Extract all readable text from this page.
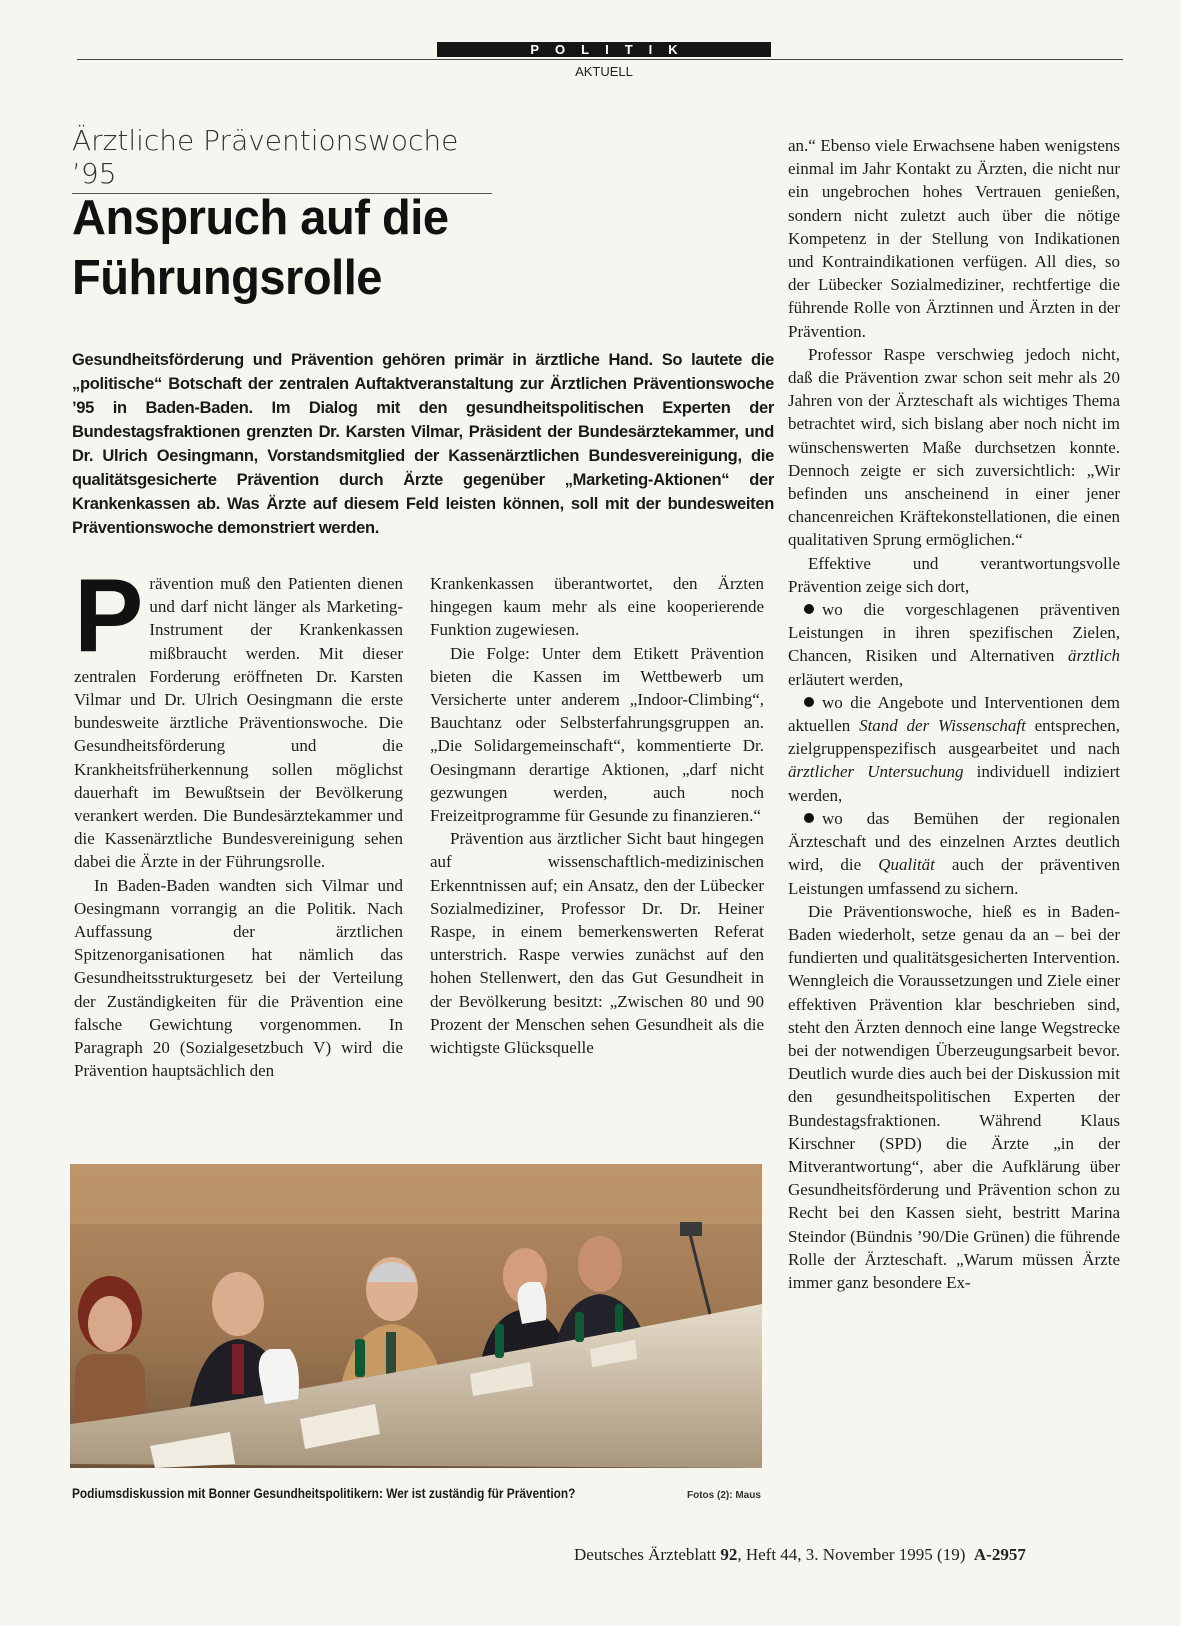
POLITIK
AKTUELL
Ärztliche Präventionswoche ’95
Anspruch auf die
Führungsrolle

Gesundheitsförderung und Prävention gehören primär in ärztliche Hand. So lautete die „politische“ Botschaft der zentralen Auftaktveranstaltung zur Ärztlichen Präventionswoche ’95 in Baden-Baden. Im Dialog mit den gesundheitspolitischen Experten der Bundestagsfraktionen grenzten Dr. Karsten Vilmar, Präsident der Bundesärztekammer, und Dr. Ulrich Oesingmann, Vorstandsmitglied der Kassenärztlichen Bundesvereinigung, die qualitätsgesicherte Prävention durch Ärzte gegenüber „Marketing-Aktionen“ der Krankenkassen ab. Was Ärzte auf diesem Feld leisten können, soll mit der bundesweiten Präventionswoche demonstriert werden.

Prävention muß den Patienten dienen und darf nicht länger als Marketing-Instrument der Krankenkassen mißbraucht werden. Mit dieser zentralen Forderung eröffneten Dr. Karsten Vilmar und Dr. Ulrich Oesingmann die erste bundesweite ärztliche Präventionswoche. Die Gesundheitsförderung und die Krankheitsfrüherkennung sollen möglichst dauerhaft im Bewußtsein der Bevölkerung verankert werden. Die Bundesärztekammer und die Kassenärztliche Bundesvereinigung sehen dabei die Ärzte in der Führungsrolle.

In Baden-Baden wandten sich Vilmar und Oesingmann vorrangig an die Politik. Nach Auffassung der ärztlichen Spitzenorganisationen hat nämlich das Gesundheitsstrukturgesetz bei der Verteilung der Zuständigkeiten für die Prävention eine falsche Gewichtung vorgenommen. In Paragraph 20 (Sozialgesetzbuch V) wird die Prävention hauptsächlich den

Krankenkassen überantwortet, den Ärzten hingegen kaum mehr als eine kooperierende Funktion zugewiesen.

Die Folge: Unter dem Etikett Prävention bieten die Kassen im Wettbewerb um Versicherte unter anderem „Indoor-Climbing“, Bauchtanz oder Selbsterfahrungsgruppen an. „Die Solidargemeinschaft“, kommentierte Dr. Oesingmann derartige Aktionen, „darf nicht gezwungen werden, auch noch Freizeitprogramme für Gesunde zu finanzieren.“

Prävention aus ärztlicher Sicht baut hingegen auf wissenschaftlich-medizinischen Erkenntnissen auf; ein Ansatz, den der Lübecker Sozialmediziner, Professor Dr. Dr. Heiner Raspe, in einem bemerkenswerten Referat unterstrich. Raspe verwies zunächst auf den hohen Stellenwert, den das Gut Gesundheit in der Bevölkerung besitzt: „Zwischen 80 und 90 Prozent der Menschen sehen Gesundheit als die wichtigste Glücksquelle

an.“ Ebenso viele Erwachsene haben wenigstens einmal im Jahr Kontakt zu Ärzten, die nicht nur ein ungebrochen hohes Vertrauen genießen, sondern nicht zuletzt auch über die nötige Kompetenz in der Stellung von Indikationen und Kontraindikationen verfügen. All dies, so der Lübecker Sozialmediziner, rechtfertige die führende Rolle von Ärztinnen und Ärzten in der Prävention.

Professor Raspe verschwieg jedoch nicht, daß die Prävention zwar schon seit mehr als 20 Jahren von der Ärzteschaft als wichtiges Thema betrachtet wird, sich bislang aber noch nicht im wünschenswerten Maße durchsetzen konnte. Dennoch zeigte er sich zuversichtlich: „Wir befinden uns anscheinend in einer jener chancenreichen Kräftekonstellationen, die einen qualitativen Sprung ermöglichen.“

Effektive und verantwortungsvolle Prävention zeige sich dort,

wo die vorgeschlagenen präventiven Leistungen in ihren spezifischen Zielen, Chancen, Risiken und Alternativen ärztlich erläutert werden,

wo die Angebote und Interventionen dem aktuellen Stand der Wissenschaft entsprechen, zielgruppenspezifisch ausgearbeitet und nach ärztlicher Untersuchung individuell indiziert werden,

wo das Bemühen der regionalen Ärzteschaft und des einzelnen Arztes deutlich wird, die Qualität auch der präventiven Leistungen umfassend zu sichern.

Die Präventionswoche, hieß es in Baden-Baden wiederholt, setze genau da an – bei der fundierten und qualitätsgesicherten Intervention. Wenngleich die Voraussetzungen und Ziele einer effektiven Prävention klar beschrieben sind, steht den Ärzten dennoch eine lange Wegstrecke bei der notwendigen Überzeugungsarbeit bevor. Deutlich wurde dies auch bei der Diskussion mit den gesundheitspolitischen Experten der Bundestagsfraktionen. Während Klaus Kirschner (SPD) die Ärzte „in der Mitverantwortung“, aber die Aufklärung über Gesundheitsförderung und Prävention schon zu Recht bei den Kassen sieht, bestritt Marina Steindor (Bündnis ’90/Die Grünen) die führende Rolle der Ärzteschaft. „Warum müssen Ärzte immer ganz besondere Ex-

Podiumsdiskussion mit Bonner Gesundheitspolitikern: Wer ist zuständig für Prävention?	Fotos (2): Maus

Deutsches Ärzteblatt 92, Heft 44, 3. November 1995 (19) A-2957
